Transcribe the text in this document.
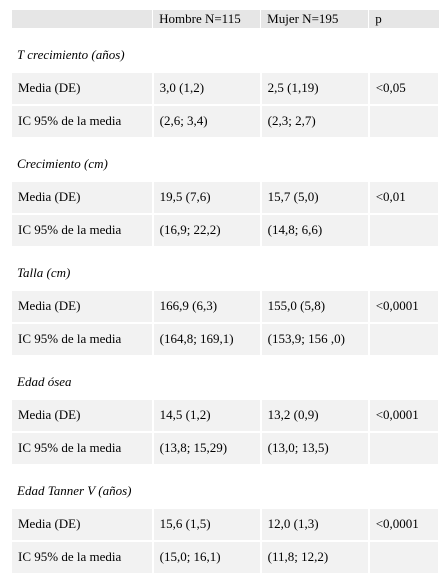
	Hombre N=115	Mujer N=195	p

T crecimiento (años)			
Media (DE)	3,0 (1,2)	2,5 (1,19)	<0,05
IC 95% de la media	(2,6; 3,4)	(2,3; 2,7)	

Crecimiento (cm)			
Media (DE)	19,5 (7,6)	15,7 (5,0)	<0,01
IC 95% de la media	(16,9; 22,2)	(14,8; 6,6)	

Talla (cm)			
Media (DE)	166,9 (6,3)	155,0 (5,8)	<0,0001
IC 95% de la media	(164,8; 169,1)	(153,9; 156 ,0)	

Edad ósea			
Media (DE)	14,5 (1,2)	13,2 (0,9)	<0,0001
IC 95% de la media	(13,8; 15,29)	(13,0; 13,5)	

Edad Tanner V (años)			
Media (DE)	15,6 (1,5)	12,0 (1,3)	<0,0001
IC 95% de la media	(15,0; 16,1)	(11,8; 12,2)	
